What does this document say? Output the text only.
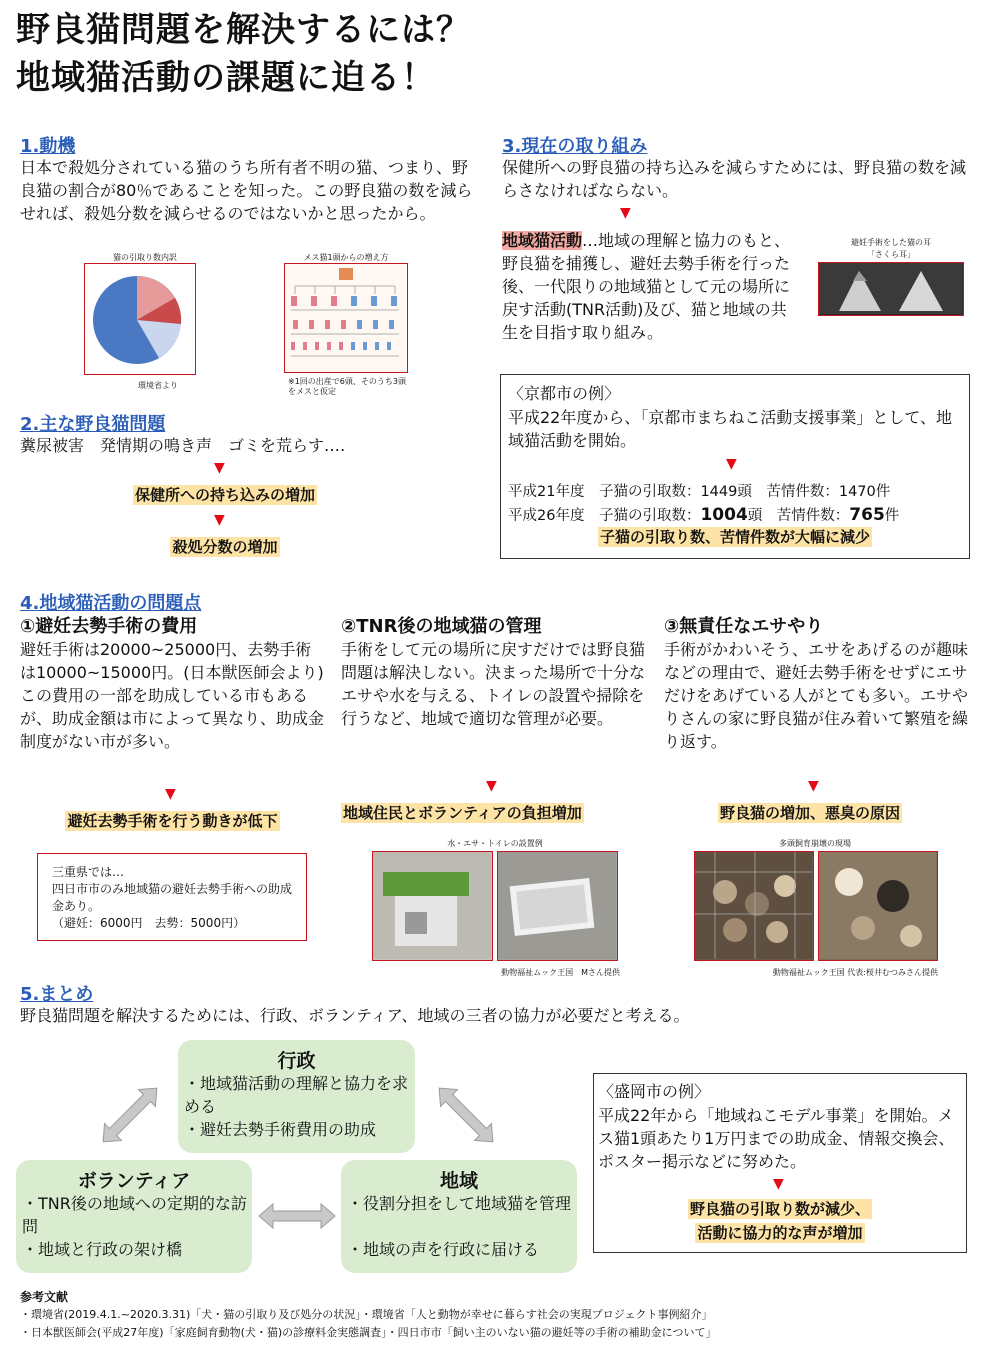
野良猫問題を解決するには？
地域猫活動の課題に迫る！
1.動機
日本で殺処分されている猫のうち所有者不明の猫、つまり、野良猫の割合が80％であることを知った。この野良猫の数を減らせれば、殺処分数を減らせるのではないかと思ったから。
猫の引取り数内訳
環境省より
メス猫1頭からの増え方
※1回の出産で6頭、そのうち3頭をメスと仮定
2.主な野良猫問題
糞尿被害　発情期の鳴き声　ゴミを荒らす‥‥
▼
保健所への持ち込みの増加
▼
殺処分数の増加
3.現在の取り組み
保健所への野良猫の持ち込みを減らすためには、野良猫の数を減らさなければならない。
▼
地域猫活動…地域の理解と協力のもと、野良猫を捕獲し、避妊去勢手術を行った後、一代限りの地域猫として元の場所に戻す活動(TNR活動)及び、猫と地域の共生を目指す取り組み。
避妊手術をした猫の耳
「さくら耳」
〈京都市の例〉
平成22年度から、「京都市まちねこ活動支援事業」として、地域猫活動を開始。
▼
平成21年度　子猫の引取数：1449頭　苦情件数：1470件
平成26年度　子猫の引取数：1004頭　苦情件数：765件
子猫の引取り数、苦情件数が大幅に減少
4.地域猫活動の問題点
①避妊去勢手術の費用
避妊手術は20000~25000円、去勢手術は10000~15000円。(日本獣医師会より)この費用の一部を助成している市もあるが、助成金額は市によって異なり、助成金制度がない市が多い。
▼
避妊去勢手術を行う動きが低下
三重県では…
四日市市のみ地域猫の避妊去勢手術への助成金あり。
（避妊：6000円　去勢：5000円）
②TNR後の地域猫の管理
手術をして元の場所に戻すだけでは野良猫問題は解決しない。決まった場所で十分なエサや水を与える、トイレの設置や掃除を行うなど、地域で適切な管理が必要。
▼
地域住民とボランティアの負担増加
水・エサ・トイレの設置例
動物福祉ムック王国　Mさん提供
③無責任なエサやり
手術がかわいそう、エサをあげるのが趣味などの理由で、避妊去勢手術をせずにエサだけをあげている人がとても多い。エサやりさんの家に野良猫が住み着いて繁殖を繰り返す。
▼
野良猫の増加、悪臭の原因
多頭飼育崩壊の現場
動物福祉ムック王国 代表:桜井むつみさん提供
5.まとめ
野良猫問題を解決するためには、行政、ボランティア、地域の三者の協力が必要だと考える。
行政
・地域猫活動の理解と協力を求める
・避妊去勢手術費用の助成
ボランティア
・TNR後の地域への定期的な訪問
・地域と行政の架け橋
地域
・役割分担をして地域猫を管理
・地域の声を行政に届ける
〈盛岡市の例〉
平成22年から「地域ねこモデル事業」を開始。メス猫1頭あたり1万円までの助成金、情報交換会、ポスター掲示などに努めた。
▼
野良猫の引取り数が減少、
活動に協力的な声が増加
参考文献
・環境省(2019.4.1.~2020.3.31)「犬・猫の引取り及び処分の状況」・環境省「人と動物が幸せに暮らす社会の実現プロジェクト事例紹介」
・日本獣医師会(平成27年度)「家庭飼育動物(犬・猫)の診療料金実態調査」・四日市市「飼い主のいない猫の避妊等の手術の補助金について」
